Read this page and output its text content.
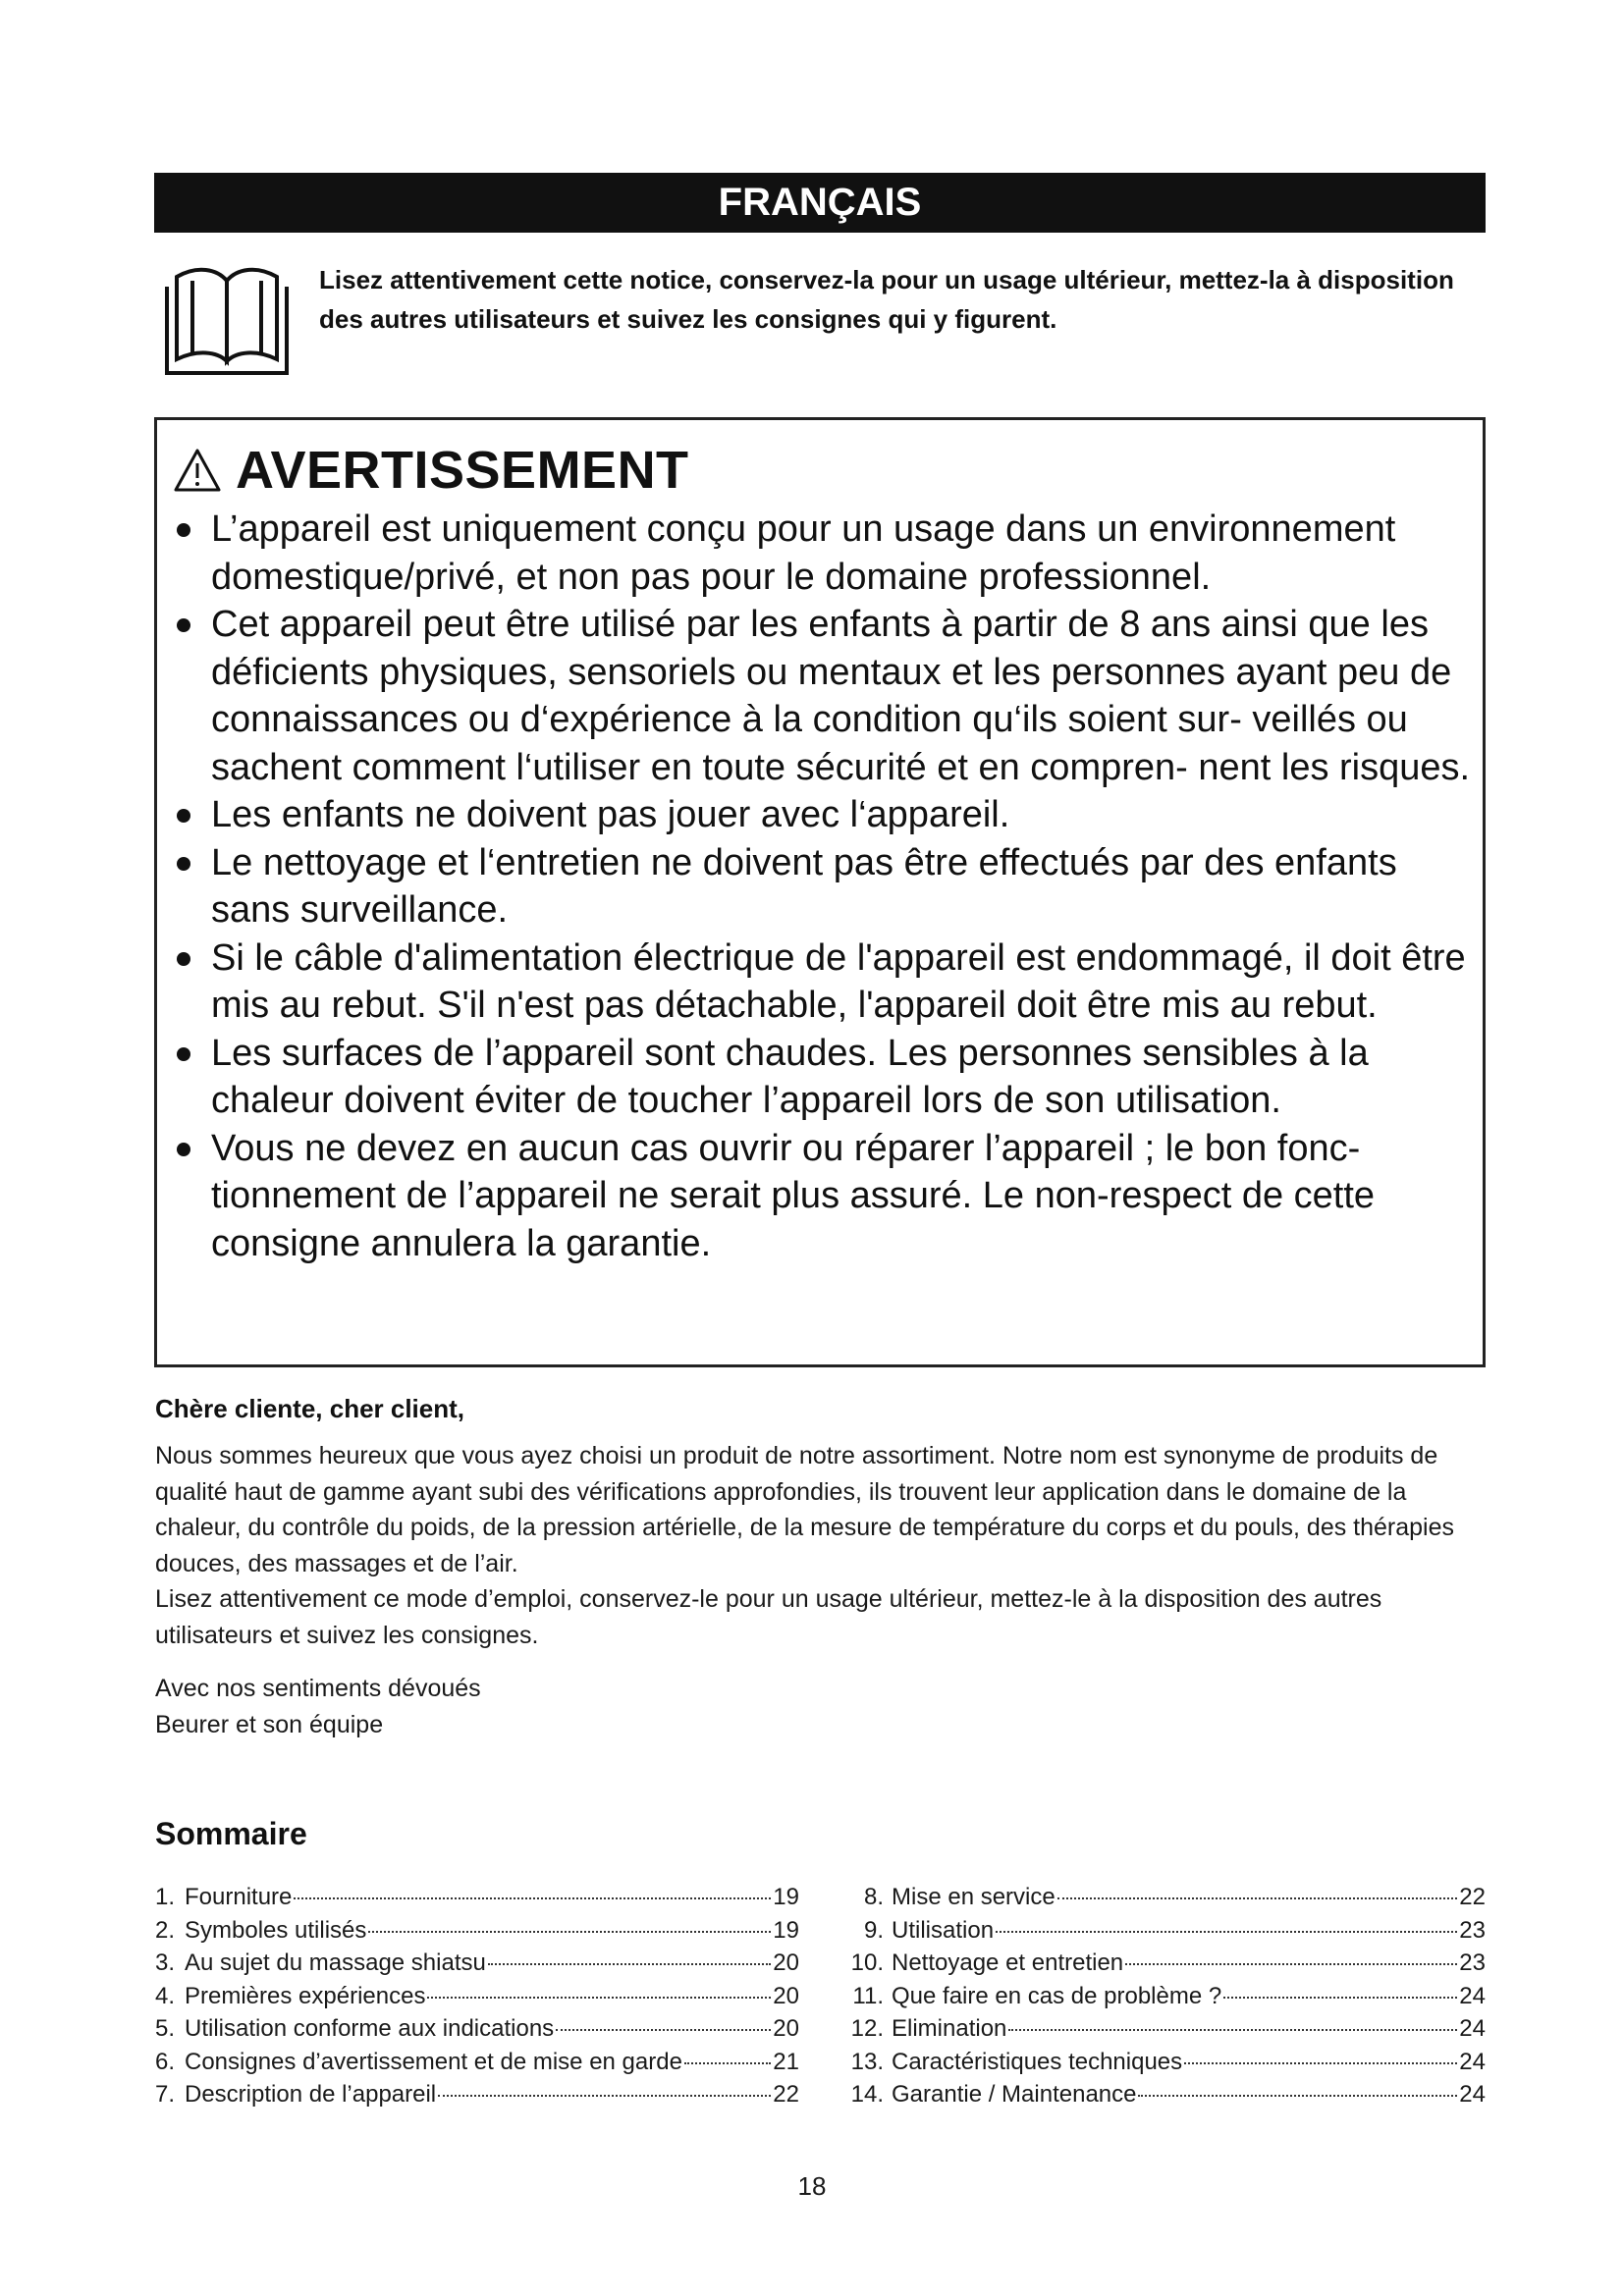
FRANÇAIS

Lisez attentivement cette notice, conservez-la pour un usage ultérieur, mettez-la à disposition des autres utilisateurs et suivez les consignes qui y figurent.

AVERTISSEMENT
L’appareil est uniquement conçu pour un usage dans un environnement domestique/privé, et non pas pour le domaine professionnel.
Cet appareil peut être utilisé par les enfants à partir de 8 ans ainsi que les déficients physiques, sensoriels ou mentaux et les personnes ayant peu de connaissances ou d‘expérience à la condition qu‘ils soient sur- veillés ou sachent comment l‘utiliser en toute sécurité et en compren- nent les risques.
Les enfants ne doivent pas jouer avec l‘appareil.
Le nettoyage et l‘entretien ne doivent pas être effectués par des enfants sans surveillance.
Si le câble d'alimentation électrique de l'appareil est endommagé, il doit être mis au rebut. S'il n'est pas détachable, l'appareil doit être mis au rebut.
Les surfaces de l’appareil sont chaudes. Les personnes sensibles à la chaleur doivent éviter de toucher l’appareil lors de son utilisation.
Vous ne devez en aucun cas ouvrir ou réparer l’appareil ; le bon fonc- tionnement de l’appareil ne serait plus assuré. Le non-respect de cette consigne annulera la garantie.

Chère cliente, cher client,

Nous sommes heureux que vous ayez choisi un produit de notre assortiment. Notre nom est synonyme de produits de qualité haut de gamme ayant subi des vérifications approfondies, ils trouvent leur application dans le domaine de la chaleur, du contrôle du poids, de la pression artérielle, de la mesure de température du corps et du pouls, des thérapies douces, des massages et de l’air.

Lisez attentivement ce mode d’emploi, conservez-le pour un usage ultérieur, mettez-le à la disposition des autres utilisateurs et suivez les consignes.

Avec nos sentiments dévoués

Beurer et son équipe

Sommaire
1. Fourniture	19
2. Symboles utilisés	19
3. Au sujet du massage shiatsu	20
4. Premières expériences	20
5. Utilisation conforme aux indications	20
6. Consignes d’avertissement et de mise en garde	21
7. Description de l’appareil	22
8. Mise en service	22
9. Utilisation	23
10. Nettoyage et entretien	23
11. Que faire en cas de problème ?	24
12. Elimination	24
13. Caractéristiques techniques	24
14. Garantie / Maintenance	24
18
